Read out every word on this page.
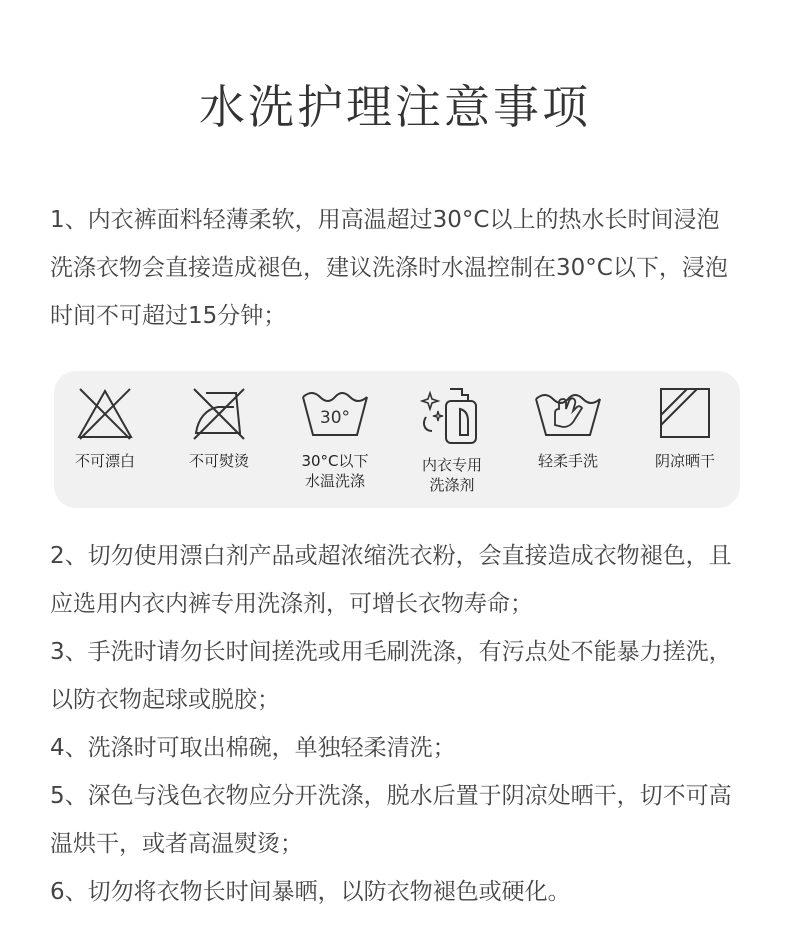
水洗护理注意事项

1、内衣裤面料轻薄柔软，用高温超过30°C以上的热水长时间浸泡洗涤衣物会直接造成褪色，建议洗涤时水温控制在30°C以下，浸泡时间不可超过15分钟；

不可漂白	不可熨烫
30°
30°C以下
水温洗涤
内衣专用
洗涤剂
轻柔手洗	阴凉晒干

2、切勿使用漂白剂产品或超浓缩洗衣粉，会直接造成衣物褪色，且应选用内衣内裤专用洗涤剂，可增长衣物寿命；
3、手洗时请勿长时间搓洗或用毛刷洗涤，有污点处不能暴力搓洗，以防衣物起球或脱胶；
4、洗涤时可取出棉碗，单独轻柔清洗；
5、深色与浅色衣物应分开洗涤，脱水后置于阴凉处晒干，切不可高温烘干，或者高温熨烫；
6、切勿将衣物长时间暴晒，以防衣物褪色或硬化。
